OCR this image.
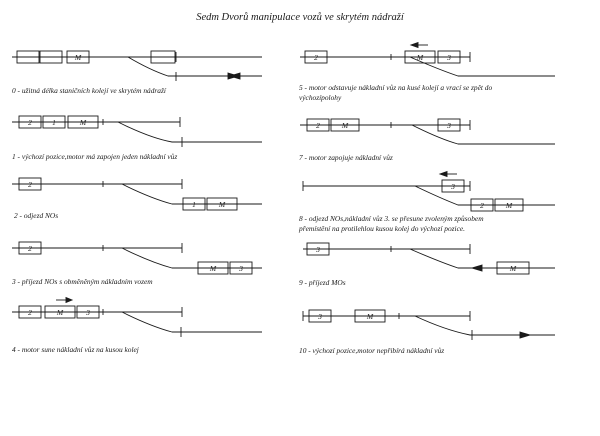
Sedm Dvorů manipulace vozů ve skrytém nádraží
M
2	1	M
2
1	M
2
M	3
2	M	3
2	M	3
2	M	3
3
2	M
3
M
3	M
0 - užitná délka staničních kolejí ve skrytém nádraží
1 - výchozí pozice,motor má zapojen jeden nákladní vůz
2 - odjezd NOs
3 - příjezd NOs s obměněným nákladním vozem
4 - motor sune nákladní vůz na kusou kolej
5 - motor odstavuje nákladní vůz na kusé kolejí a vrací se zpět do
výchozípolohy
7 - motor zapojuje nákladní vůz
8 - odjezd NOs,nákladní vůz 3. se přesune zvoleným způsobem
přemístění na protilehlou kusou kolej do výchozí pozice.
9 - příjezd MOs
10 - výchozí pozice,motor nepřibírá nákladní vůz
